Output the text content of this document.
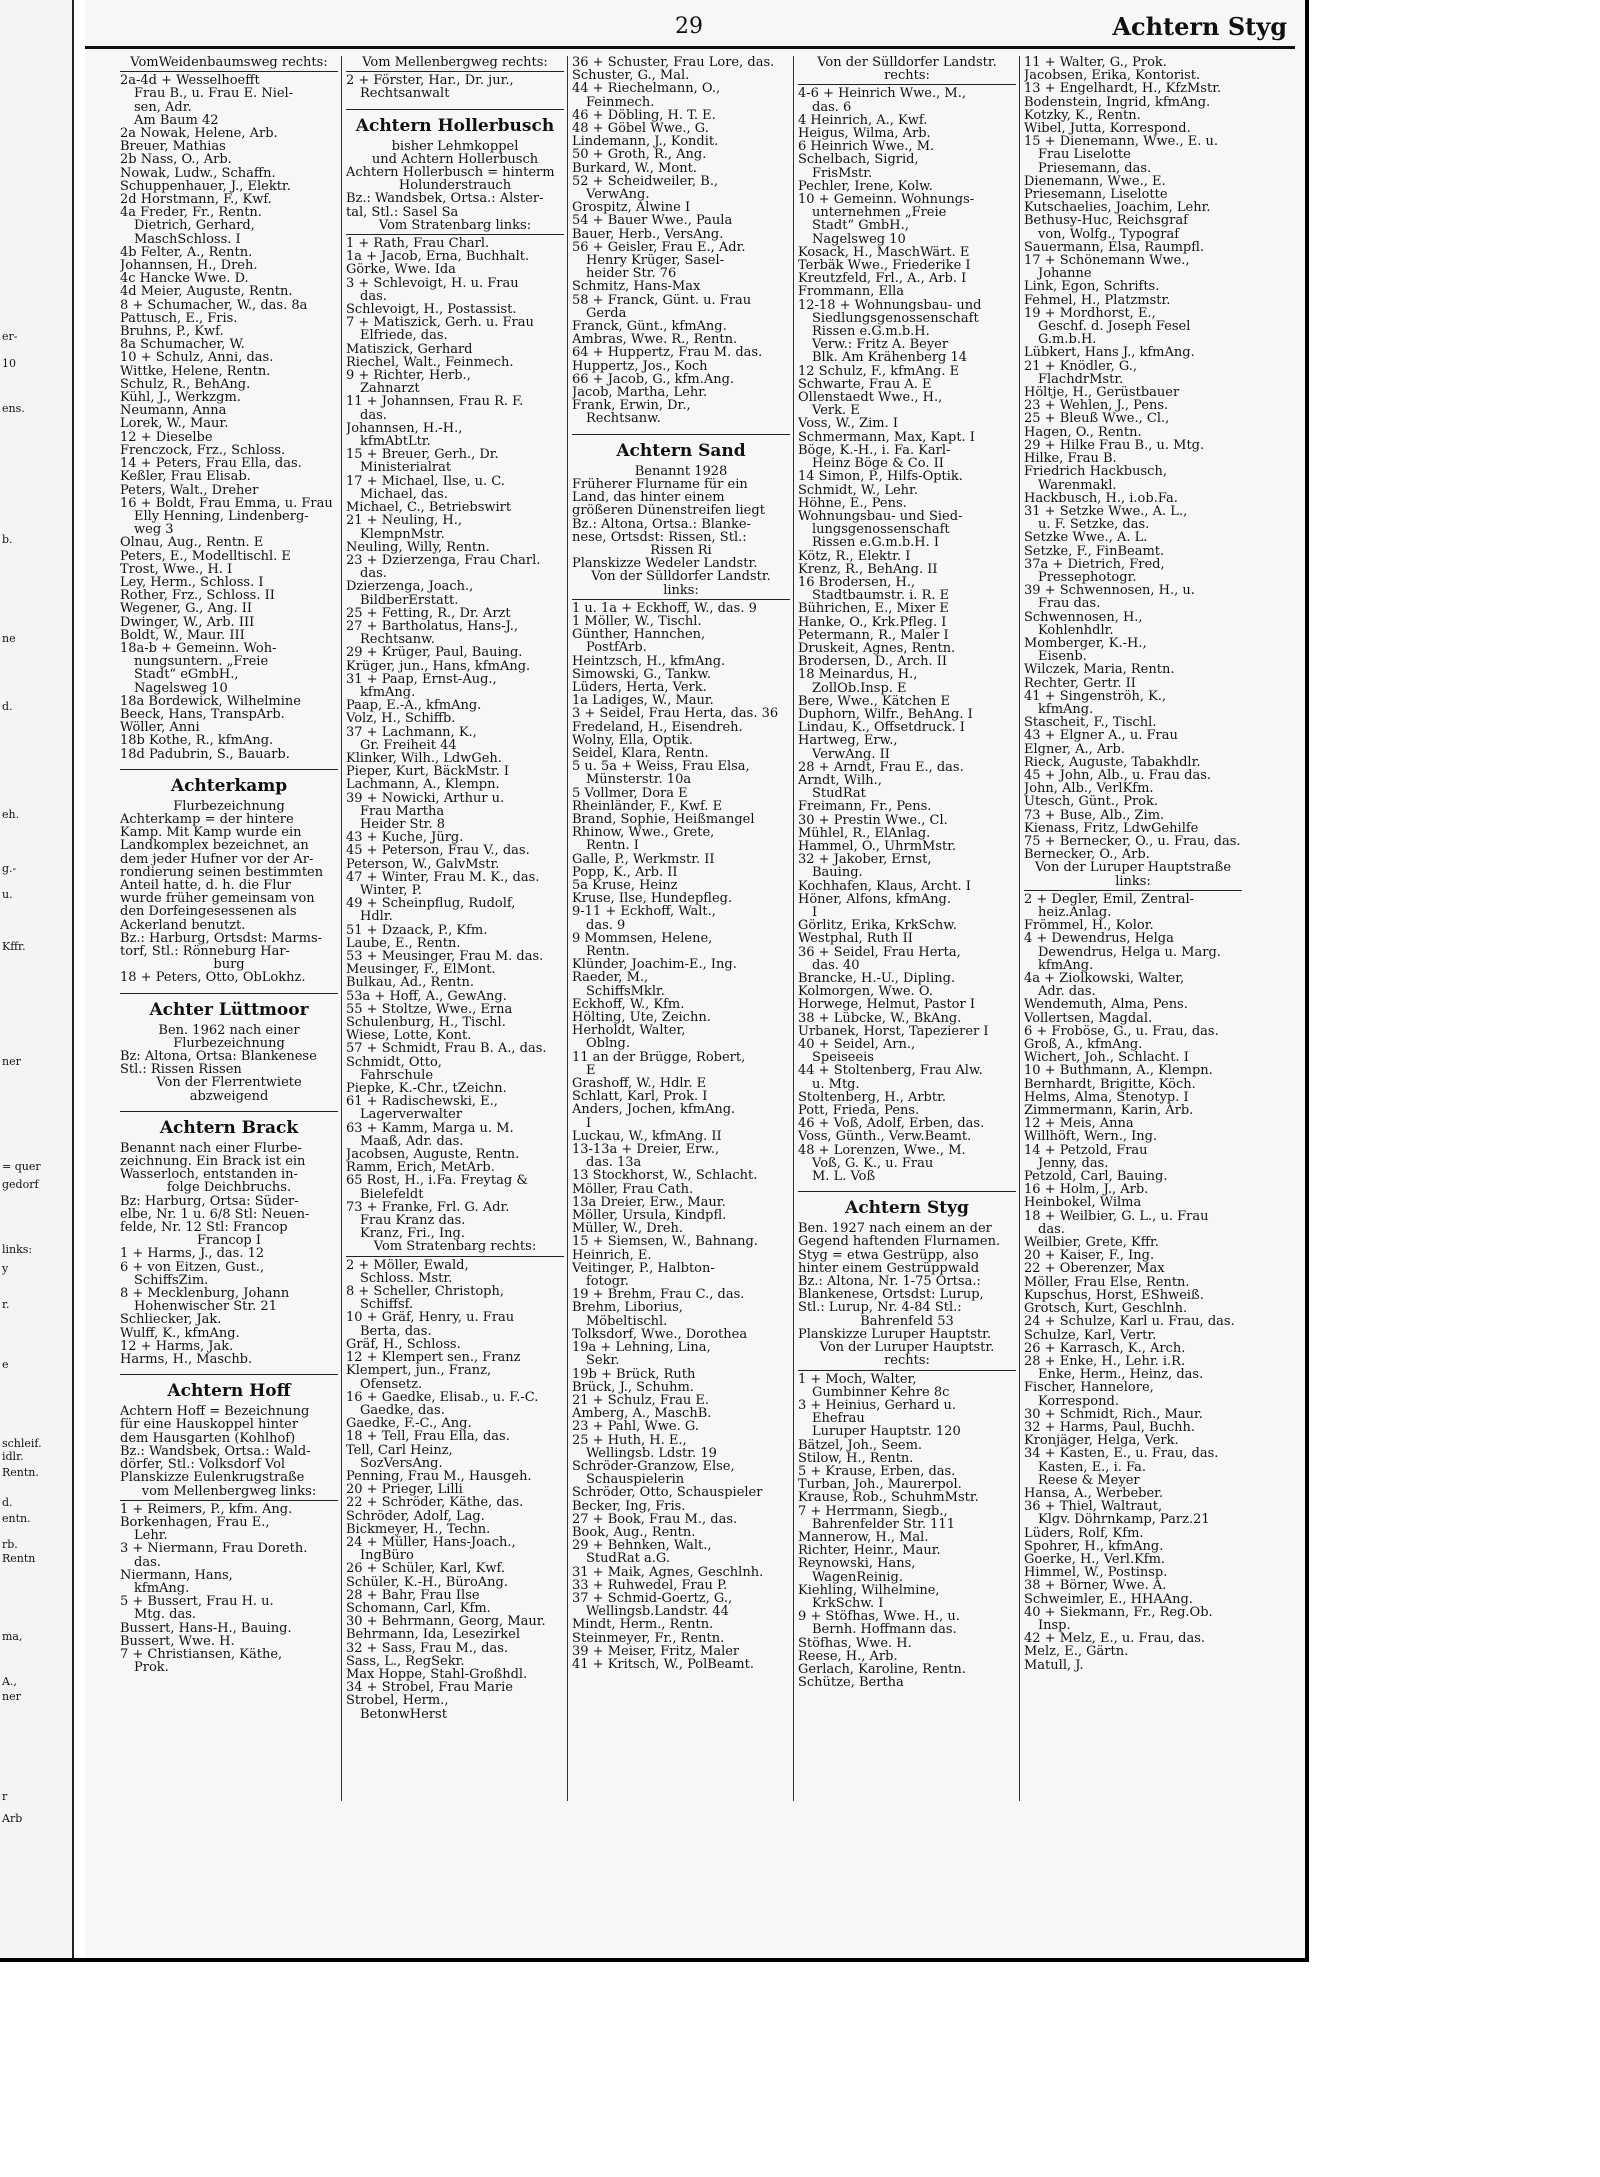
er-
10
ens.
b.
ne
d.
eh.
g.-
u.
Kffr.
ner
= quer
gedorf
links:
y
r.
e
schleif.
idlr.
Rentn.
d.
entn.
rb.
Rentn
ma,
A.,
ner
r
Arb
29	Achtern Styg
VomWeidenbaumsweg rechts:
2a-4d + Wesselhoefft
Frau B., u. Frau E. Niel-
sen, Adr.
Am Baum 42
2a Nowak, Helene, Arb.
Breuer, Mathias
2b Nass, O., Arb.
Nowak, Ludw., Schaffn.
Schuppenhauer, J., Elektr.
2d Horstmann, F., Kwf.
4a Freder, Fr., Rentn.
Dietrich, Gerhard,
MaschSchloss. I
4b Felter, A., Rentn.
Johannsen, H., Dreh.
4c Hancke Wwe. D.
4d Meier, Auguste, Rentn.
8 + Schumacher, W., das. 8a
Pattusch, E., Fris.
Bruhns, P., Kwf.
8a Schumacher, W.
10 + Schulz, Anni, das.
Wittke, Helene, Rentn.
Schulz, R., BehAng.
Kühl, J., Werkzgm.
Neumann, Anna
Lorek, W., Maur.
12 + Dieselbe
Frenczock, Frz., Schloss.
14 + Peters, Frau Ella, das.
Keßler, Frau Elisab.
Peters, Walt., Dreher
16 + Boldt, Frau Emma, u. Frau
Elly Henning, Lindenberg-
weg 3
Olnau, Aug., Rentn. E
Peters, E., Modelltischl. E
Trost, Wwe., H. I
Ley, Herm., Schloss. I
Rother, Frz., Schloss. II
Wegener, G., Ang. II
Dwinger, W., Arb. III
Boldt, W., Maur. III
18a-b + Gemeinn. Woh-
nungsuntern. „Freie
Stadt“ eGmbH.,
Nagelsweg 10
18a Bordewick, Wilhelmine
Beeck, Hans, TranspArb.
Wöller, Anni
18b Kothe, R., kfmAng.
18d Padubrin, S., Bauarb.
Achterkamp
Flurbezeichnung
Achterkamp = der hintere
Kamp. Mit Kamp wurde ein
Landkomplex bezeichnet, an
dem jeder Hufner vor der Ar-
rondierung seinen bestimmten
Anteil hatte, d. h. die Flur
wurde früher gemeinsam von
den Dorfeingesessenen als
Ackerland benutzt.
Bz.: Harburg, Ortsdst: Marms-
torf, Stl.: Rönneburg Har-
burg
18 + Peters, Otto, ObLokhz.
Achter Lüttmoor
Ben. 1962 nach einer
Flurbezeichnung
Bz: Altona, Ortsa: Blankenese
Stl.: Rissen Rissen
Von der Flerrentwiete
abzweigend
Achtern Brack
Benannt nach einer Flurbe-
zeichnung. Ein Brack ist ein
Wasserloch, entstanden in-
folge Deichbruchs.
Bz: Harburg, Ortsa: Süder-
elbe, Nr. 1 u. 6/8 Stl: Neuen-
felde, Nr. 12 Stl: Francop
Francop I
1 + Harms, J., das. 12
6 + von Eitzen, Gust.,
SchiffsZim.
8 + Mecklenburg, Johann
Hohenwischer Str. 21
Schliecker, Jak.
Wulff, K., kfmAng.
12 + Harms, Jak.
Harms, H., Maschb.
Achtern Hoff
Achtern Hoff = Bezeichnung
für eine Hauskoppel hinter
dem Hausgarten (Kohlhof)
Bz.: Wandsbek, Ortsa.: Wald-
dörfer, Stl.: Volksdorf Vol
Planskizze Eulenkrugstraße
vom Mellenbergweg links:
1 + Reimers, P., kfm. Ang.
Borkenhagen, Frau E.,
Lehr.
3 + Niermann, Frau Doreth.
das.
Niermann, Hans,
kfmAng.
5 + Bussert, Frau H. u.
Mtg. das.
Bussert, Hans-H., Bauing.
Bussert, Wwe. H.
7 + Christiansen, Käthe,
Prok.
Vom Mellenbergweg rechts:
2 + Förster, Har., Dr. jur.,
Rechtsanwalt
Achtern Hollerbusch
bisher Lehmkoppel
und Achtern Hollerbusch
Achtern Hollerbusch = hinterm
Holunderstrauch
Bz.: Wandsbek, Ortsa.: Alster-
tal, Stl.: Sasel Sa
Vom Stratenbarg links:
1 + Rath, Frau Charl.
1a + Jacob, Erna, Buchhalt.
Görke, Wwe. Ida
3 + Schlevoigt, H. u. Frau
das.
Schlevoigt, H., Postassist.
7 + Matiszick, Gerh. u. Frau
Elfriede, das.
Matiszick, Gerhard
Riechel, Walt., Feinmech.
9 + Richter, Herb.,
Zahnarzt
11 + Johannsen, Frau R. F.
das.
Johannsen, H.-H.,
kfmAbtLtr.
15 + Breuer, Gerh., Dr.
Ministerialrat
17 + Michael, Ilse, u. C.
Michael, das.
Michael, C., Betriebswirt
21 + Neuling, H.,
KlempnMstr.
Neuling, Willy, Rentn.
23 + Dzierzenga, Frau Charl.
das.
Dzierzenga, Joach.,
BildberErstatt.
25 + Fetting, R., Dr. Arzt
27 + Bartholatus, Hans-J.,
Rechtsanw.
29 + Krüger, Paul, Bauing.
Krüger, jun., Hans, kfmAng.
31 + Paap, Ernst-Aug.,
kfmAng.
Paap, E.-A., kfmAng.
Volz, H., Schiffb.
37 + Lachmann, K.,
Gr. Freiheit 44
Klinker, Wilh., LdwGeh.
Pieper, Kurt, BäckMstr. I
Lachmann, A., Klempn.
39 + Nowicki, Arthur u.
Frau Martha
Heider Str. 8
43 + Kuche, Jürg.
45 + Peterson, Frau V., das.
Peterson, W., GalvMstr.
47 + Winter, Frau M. K., das.
Winter, P.
49 + Scheinpflug, Rudolf,
Hdlr.
51 + Dzaack, P., Kfm.
Laube, E., Rentn.
53 + Meusinger, Frau M. das.
Meusinger, F., ElMont.
Bulkau, Ad., Rentn.
53a + Hoff, A., GewAng.
55 + Stoltze, Wwe., Erna
Schulenburg, H., Tischl.
Wiese, Lotte, Kont.
57 + Schmidt, Frau B. A., das.
Schmidt, Otto,
Fahrschule
Piepke, K.-Chr., tZeichn.
61 + Radischewski, E.,
Lagerverwalter
63 + Kamm, Marga u. M.
Maaß, Adr. das.
Jacobsen, Auguste, Rentn.
Ramm, Erich, MetArb.
65 Rost, H., i.Fa. Freytag &
Bielefeldt
73 + Franke, Frl. G. Adr.
Frau Kranz das.
Kranz, Fri., Ing.
Vom Stratenbarg rechts:
2 + Möller, Ewald,
Schloss. Mstr.
8 + Scheller, Christoph,
Schiffsf.
10 + Gräf, Henry, u. Frau
Berta, das.
Gräf, H., Schloss.
12 + Klempert sen., Franz
Klempert, jun., Franz,
Ofensetz.
16 + Gaedke, Elisab., u. F.-C.
Gaedke, das.
Gaedke, F.-C., Ang.
18 + Tell, Frau Ella, das.
Tell, Carl Heinz,
SozVersAng.
Penning, Frau M., Hausgeh.
20 + Prieger, Lilli
22 + Schröder, Käthe, das.
Schröder, Adolf, Lag.
Bickmeyer, H., Techn.
24 + Müller, Hans-Joach.,
IngBüro
26 + Schüler, Karl, Kwf.
Schüler, K.-H., BüroAng.
28 + Bahr, Frau Ilse
Schomann, Carl, Kfm.
30 + Behrmann, Georg, Maur.
Behrmann, Ida, Lesezirkel
32 + Sass, Frau M., das.
Sass, L., RegSekr.
Max Hoppe, Stahl-Großhdl.
34 + Strobel, Frau Marie
Strobel, Herm.,
BetonwHerst
36 + Schuster, Frau Lore, das.
Schuster, G., Mal.
44 + Riechelmann, O.,
Feinmech.
46 + Döbling, H. T. E.
48 + Göbel Wwe., G.
Lindemann, J., Kondit.
50 + Groth, R., Ang.
Burkard, W., Mont.
52 + Scheidweiler, B.,
VerwAng.
Grospitz, Alwine I
54 + Bauer Wwe., Paula
Bauer, Herb., VersAng.
56 + Geisler, Frau E., Adr.
Henry Krüger, Sasel-
heider Str. 76
Schmitz, Hans-Max
58 + Franck, Günt. u. Frau
Gerda
Franck, Günt., kfmAng.
Ambras, Wwe. R., Rentn.
64 + Huppertz, Frau M. das.
Huppertz, Jos., Koch
66 + Jacob, G., kfm.Ang.
Jacob, Martha, Lehr.
Frank, Erwin, Dr.,
Rechtsanw.
Achtern Sand
Benannt 1928
Früherer Flurname für ein
Land, das hinter einem
größeren Dünenstreifen liegt
Bz.: Altona, Ortsa.: Blanke-
nese, Ortsdst: Rissen, Stl.:
Rissen Ri
Planskizze Wedeler Landstr.
Von der Sülldorfer Landstr.
links:
1 u. 1a + Eckhoff, W., das. 9
1 Möller, W., Tischl.
Günther, Hannchen,
PostfArb.
Heintzsch, H., kfmAng.
Simowski, G., Tankw.
Lüders, Herta, Verk.
1a Ladiges, W., Maur.
3 + Seidel, Frau Herta, das. 36
Fredeland, H., Eisendreh.
Wolny, Ella, Optik.
Seidel, Klara, Rentn.
5 u. 5a + Weiss, Frau Elsa,
Münsterstr. 10a
5 Vollmer, Dora E
Rheinländer, F., Kwf. E
Brand, Sophie, Heißmangel
Rhinow, Wwe., Grete,
Rentn. I
Galle, P., Werkmstr. II
Popp, K., Arb. II
5a Kruse, Heinz
Kruse, Ilse, Hundepfleg.
9-11 + Eckhoff, Walt.,
das. 9
9 Mommsen, Helene,
Rentn.
Klünder, Joachim-E., Ing.
Raeder, M.,
SchiffsMklr.
Eckhoff, W., Kfm.
Hölting, Ute, Zeichn.
Herholdt, Walter,
Oblng.
11 an der Brügge, Robert,
E
Grashoff, W., Hdlr. E
Schlatt, Karl, Prok. I
Anders, Jochen, kfmAng.
I
Luckau, W., kfmAng. II
13-13a + Dreier, Erw.,
das. 13a
13 Stockhorst, W., Schlacht.
Möller, Frau Cath.
13a Dreier, Erw., Maur.
Möller, Ursula, Kindpfl.
Müller, W., Dreh.
15 + Siemsen, W., Bahnang.
Heinrich, E.
Veitinger, P., Halbton-
fotogr.
19 + Brehm, Frau C., das.
Brehm, Liborius,
Möbeltischl.
Tolksdorf, Wwe., Dorothea
19a + Lehning, Lina,
Sekr.
19b + Brück, Ruth
Brück, J., Schuhm.
21 + Schulz, Frau E.
Amberg, A., MaschB.
23 + Pahl, Wwe. G.
25 + Huth, H. E.,
Wellingsb. Ldstr. 19
Schröder-Granzow, Else,
Schauspielerin
Schröder, Otto, Schauspieler
Becker, Ing, Fris.
27 + Book, Frau M., das.
Book, Aug., Rentn.
29 + Behnken, Walt.,
StudRat a.G.
31 + Maik, Agnes, Geschlnh.
33 + Ruhwedel, Frau P.
37 + Schmid-Goertz, G.,
Wellingsb.Landstr. 44
Mindt, Herm., Rentn.
Steinmeyer, Fr., Rentn.
39 + Meiser, Fritz, Maler
41 + Kritsch, W., PolBeamt.
Von der Sülldorfer Landstr.
rechts:
4-6 + Heinrich Wwe., M.,
das. 6
4 Heinrich, A., Kwf.
Heigus, Wilma, Arb.
6 Heinrich Wwe., M.
Schelbach, Sigrid,
FrisMstr.
Pechler, Irene, Kolw.
10 + Gemeinn. Wohnungs-
unternehmen „Freie
Stadt“ GmbH.,
Nagelsweg 10
Kosack, H., MaschWärt. E
Terbäk Wwe., Friederike I
Kreutzfeld, Frl., A., Arb. I
Frommann, Ella
12-18 + Wohnungsbau- und
Siedlungsgenossenschaft
Rissen e.G.m.b.H.
Verw.: Fritz A. Beyer
Blk. Am Krähenberg 14
12 Schulz, F., kfmAng. E
Schwarte, Frau A. E
Ollenstaedt Wwe., H.,
Verk. E
Voss, W., Zim. I
Schmermann, Max, Kapt. I
Böge, K.-H., i. Fa. Karl-
Heinz Böge & Co. II
14 Simon, P., Hilfs-Optik.
Schmidt, W., Lehr.
Höhne, E., Pens.
Wohnungsbau- und Sied-
lungsgenossenschaft
Rissen e.G.m.b.H. I
Kötz, R., Elektr. I
Krenz, R., BehAng. II
16 Brodersen, H.,
Stadtbaumstr. i. R. E
Bührichen, E., Mixer E
Hanke, O., Krk.Pfleg. I
Petermann, R., Maler I
Druskeit, Agnes, Rentn.
Brodersen, D., Arch. II
18 Meinardus, H.,
ZollOb.Insp. E
Bere, Wwe., Kätchen E
Duphorn, Wilfr., BehAng. I
Lindau, K., Offsetdruck. I
Hartweg, Erw.,
VerwAng. II
28 + Arndt, Frau E., das.
Arndt, Wilh.,
StudRat
Freimann, Fr., Pens.
30 + Prestin Wwe., Cl.
Mühlel, R., ElAnlag.
Hammel, O., UhrmMstr.
32 + Jakober, Ernst,
Bauing.
Kochhafen, Klaus, Archt. I
Höner, Alfons, kfmAng.
I
Görlitz, Erika, KrkSchw.
Westphal, Ruth II
36 + Seidel, Frau Herta,
das. 40
Brancke, H.-U., Dipling.
Kolmorgen, Wwe. O.
Horwege, Helmut, Pastor I
38 + Lübcke, W., BkAng.
Urbanek, Horst, Tapezierer I
40 + Seidel, Arn.,
Speiseeis
44 + Stoltenberg, Frau Alw.
u. Mtg.
Stoltenberg, H., Arbtr.
Pott, Frieda, Pens.
46 + Voß, Adolf, Erben, das.
Voss, Günth., Verw.Beamt.
48 + Lorenzen, Wwe., M.
Voß, G. K., u. Frau
M. L. Voß
Achtern Styg
Ben. 1927 nach einem an der
Gegend haftenden Flurnamen.
Styg = etwa Gestrüpp, also
hinter einem Gestrüppwald
Bz.: Altona, Nr. 1-75 Ortsa.:
Blankenese, Ortsdst: Lurup,
Stl.: Lurup, Nr. 4-84 Stl.:
Bahrenfeld 53
Planskizze Luruper Hauptstr.
Von der Luruper Hauptstr.
rechts:
1 + Moch, Walter,
Gumbinner Kehre 8c
3 + Heinius, Gerhard u.
Ehefrau
Luruper Hauptstr. 120
Bätzel, Joh., Seem.
Stilow, H., Rentn.
5 + Krause, Erben, das.
Turban, Joh., Maurerpol.
Krause, Rob., SchuhmMstr.
7 + Herrmann, Siegb.,
Bahrenfelder Str. 111
Mannerow, H., Mal.
Richter, Heinr., Maur.
Reynowski, Hans,
WagenReinig.
Kiehling, Wilhelmine,
KrkSchw. I
9 + Stöfhas, Wwe. H., u.
Bernh. Hoffmann das.
Stöfhas, Wwe. H.
Reese, H., Arb.
Gerlach, Karoline, Rentn.
Schütze, Bertha
11 + Walter, G., Prok.
Jacobsen, Erika, Kontorist.
13 + Engelhardt, H., KfzMstr.
Bodenstein, Ingrid, kfmAng.
Kotzky, K., Rentn.
Wibel, Jutta, Korrespond.
15 + Dienemann, Wwe., E. u.
Frau Liselotte
Priesemann, das.
Dienemann, Wwe., E.
Priesemann, Liselotte
Kutschaelies, Joachim, Lehr.
Bethusy-Huc, Reichsgraf
von, Wolfg., Typograf
Sauermann, Elsa, Raumpfl.
17 + Schönemann Wwe.,
Johanne
Link, Egon, Schrifts.
Fehmel, H., Platzmstr.
19 + Mordhorst, E.,
Geschf. d. Joseph Fesel
G.m.b.H.
Lübkert, Hans J., kfmAng.
21 + Knödler, G.,
FlachdrMstr.
Höltje, H., Gerüstbauer
23 + Wehlen, J., Pens.
25 + Bleuß Wwe., Cl.,
Hagen, O., Rentn.
29 + Hilke Frau B., u. Mtg.
Hilke, Frau B.
Friedrich Hackbusch,
Warenmakl.
Hackbusch, H., i.ob.Fa.
31 + Setzke Wwe., A. L.,
u. F. Setzke, das.
Setzke Wwe., A. L.
Setzke, F., FinBeamt.
37a + Dietrich, Fred,
Pressephotogr.
39 + Schwennosen, H., u.
Frau das.
Schwennosen, H.,
Kohlenhdlr.
Momberger, K.-H.,
Eisenb.
Wilczek, Maria, Rentn.
Rechter, Gertr. II
41 + Singenströh, K.,
kfmAng.
Stascheit, F., Tischl.
43 + Elgner A., u. Frau
Elgner, A., Arb.
Rieck, Auguste, Tabakhdlr.
45 + John, Alb., u. Frau das.
John, Alb., VerlKfm.
Utesch, Günt., Prok.
73 + Buse, Alb., Zim.
Kienass, Fritz, LdwGehilfe
75 + Bernecker, O., u. Frau, das.
Bernecker, O., Arb.
Von der Luruper Hauptstraße
links:
2 + Degler, Emil, Zentral-
heiz.Anlag.
Frömmel, H., Kolor.
4 + Dewendrus, Helga
Dewendrus, Helga u. Marg.
kfmAng.
4a + Ziolkowski, Walter,
Adr. das.
Wendemuth, Alma, Pens.
Vollertsen, Magdal.
6 + Froböse, G., u. Frau, das.
Groß, A., kfmAng.
Wichert, Joh., Schlacht. I
10 + Buthmann, A., Klempn.
Bernhardt, Brigitte, Köch.
Helms, Alma, Stenotyp. I
Zimmermann, Karin, Arb.
12 + Meis, Anna
Willhöft, Wern., Ing.
14 + Petzold, Frau
Jenny, das.
Petzold, Carl, Bauing.
16 + Holm, J., Arb.
Heinbokel, Wilma
18 + Weilbier, G. L., u. Frau
das.
Weilbier, Grete, Kffr.
20 + Kaiser, F., Ing.
22 + Oberenzer, Max
Möller, Frau Else, Rentn.
Kupschus, Horst, EShweiß.
Grotsch, Kurt, Geschlnh.
24 + Schulze, Karl u. Frau, das.
Schulze, Karl, Vertr.
26 + Karrasch, K., Arch.
28 + Enke, H., Lehr. i.R.
Enke, Herm., Heinz, das.
Fischer, Hannelore,
Korrespond.
30 + Schmidt, Rich., Maur.
32 + Harms, Paul, Buchh.
Kronjäger, Helga, Verk.
34 + Kasten, E., u. Frau, das.
Kasten, E., i. Fa.
Reese & Meyer
Hansa, A., Werbeber.
36 + Thiel, Waltraut,
Klgv. Döhrnkamp, Parz.21
Lüders, Rolf, Kfm.
Spohrer, H., kfmAng.
Goerke, H., Verl.Kfm.
Himmel, W., Postinsp.
38 + Börner, Wwe. A.
Schweimler, E., HHAAng.
40 + Siekmann, Fr., Reg.Ob.
Insp.
42 + Melz, E., u. Frau, das.
Melz, E., Gärtn.
Matull, J.
